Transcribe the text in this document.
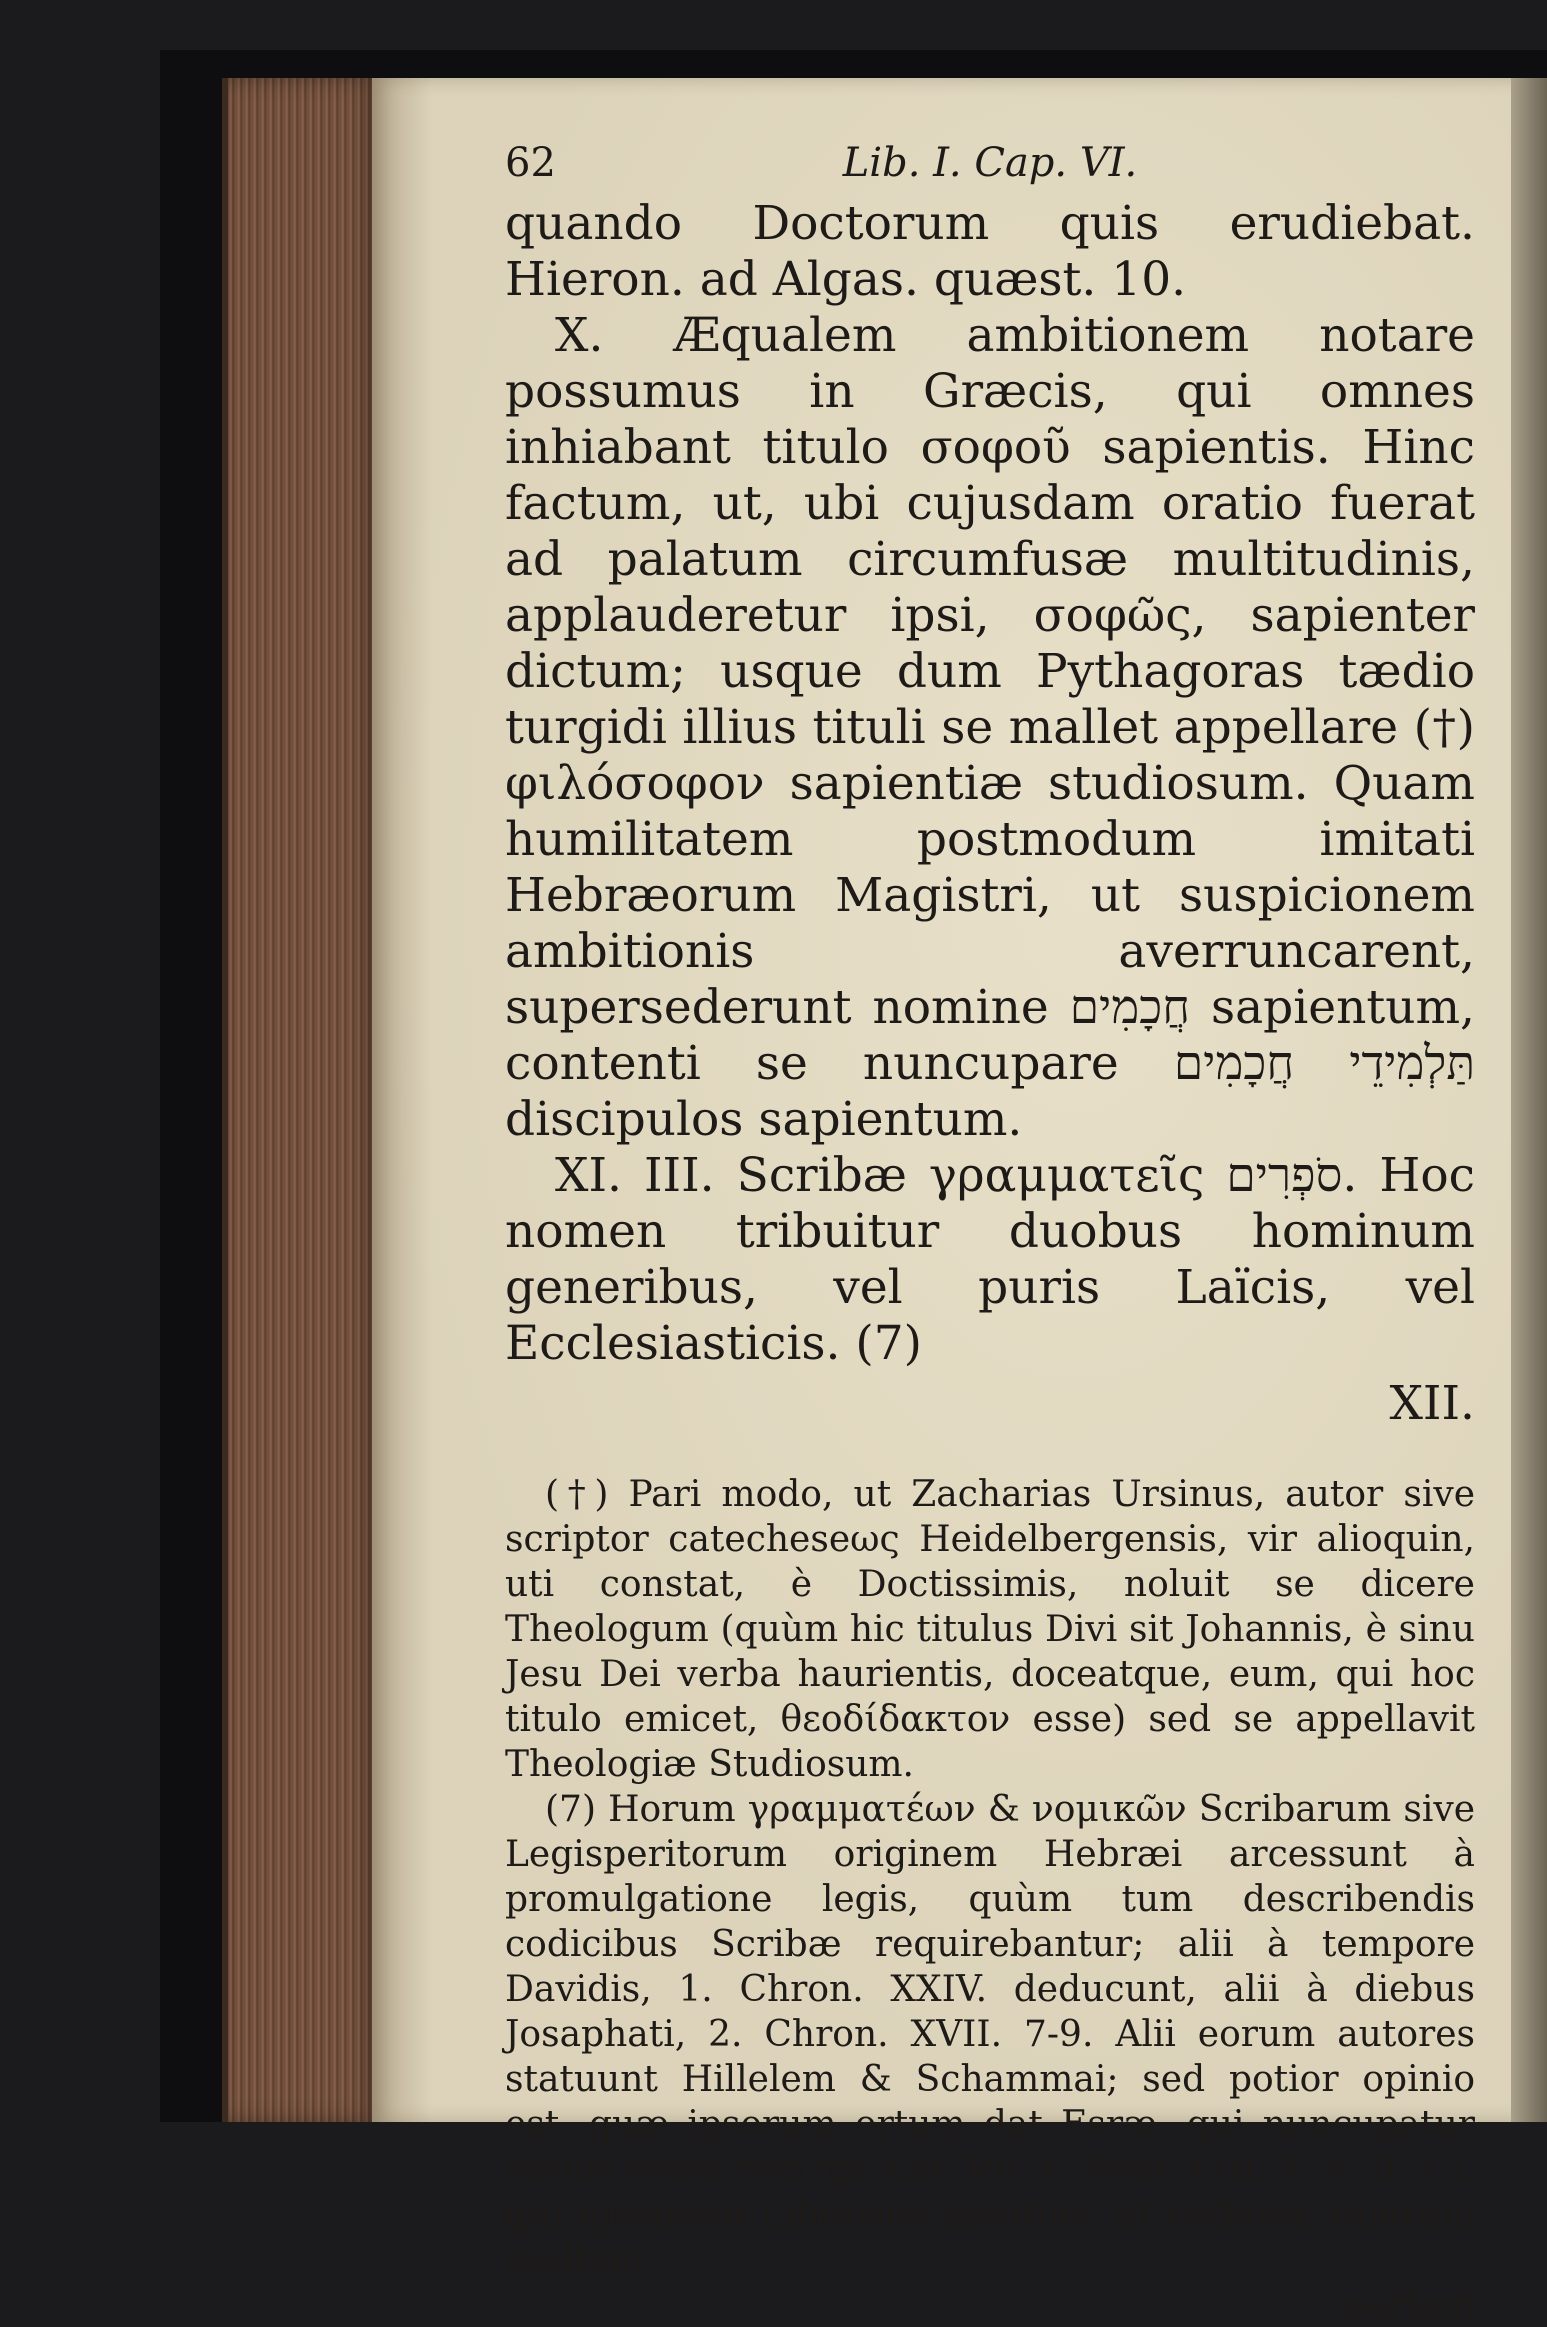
62	Lib. I. Cap. VI.

quando Doctorum quis erudiebat. Hieron. ad Algas. quæst. 10.

X. Æqualem ambitionem notare possumus in Græcis, qui omnes inhiabant titulo σοφοῦ sapientis. Hinc factum, ut, ubi cujusdam oratio fuerat ad palatum circumfusæ multitudinis, applauderetur ipsi, σοφῶς, sapienter dictum; usque dum Pythagoras tædio turgidi illius tituli se mallet appellare (†) φιλόσοφον sapientiæ studiosum. Quam humilitatem postmodum imitati Hebræorum Magistri, ut suspicionem ambitionis averruncarent, supersederunt nomine חֲכָמִים sapientum, contenti se nuncupare תַּלְמִידֵי חֲכָמִים discipulos sapientum.

XI. III. Scribæ γραμματεῖς סֹפְרִים. Hoc nomen tribuitur duobus hominum generibus, vel puris Laïcis, vel Ecclesiasticis. (7)

XII.

(†) Pari modo, ut Zacharias Ursinus, autor sive scriptor catecheseως Heidelbergensis, vir alioquin, uti constat, è Doctissimis, noluit se dicere Theologum (quùm hic titulus Divi sit Johannis, è sinu Jesu Dei verba haurientis, doceatque, eum, qui hoc titulo emicet, θεοδίδακτον esse) sed se appellavit Theologiæ Studiosum.

(7) Horum γραμματέων & νομικῶν Scribarum sive Legisperitorum originem Hebræi arcessunt à promulgatione legis, quùm tum describendis codicibus Scribæ requirebantur; alii à tempore Davidis, 1. Chron. XXIV. deducunt, alii à diebus Josaphati, 2. Chron. XVII. 7-9. Alii eorum autores statuunt Hillelem & Schammai; sed potior opinio est, quæ ipsorum ortum dat Esræ, qui nuncupatur scriba velox סֹפֵר מָהִיר Esr. VII. 6. Neh. VIII. 1. 4. 9. 13. qui ejusmodi Librarios instituit, ut codices, quorum multam

partem
